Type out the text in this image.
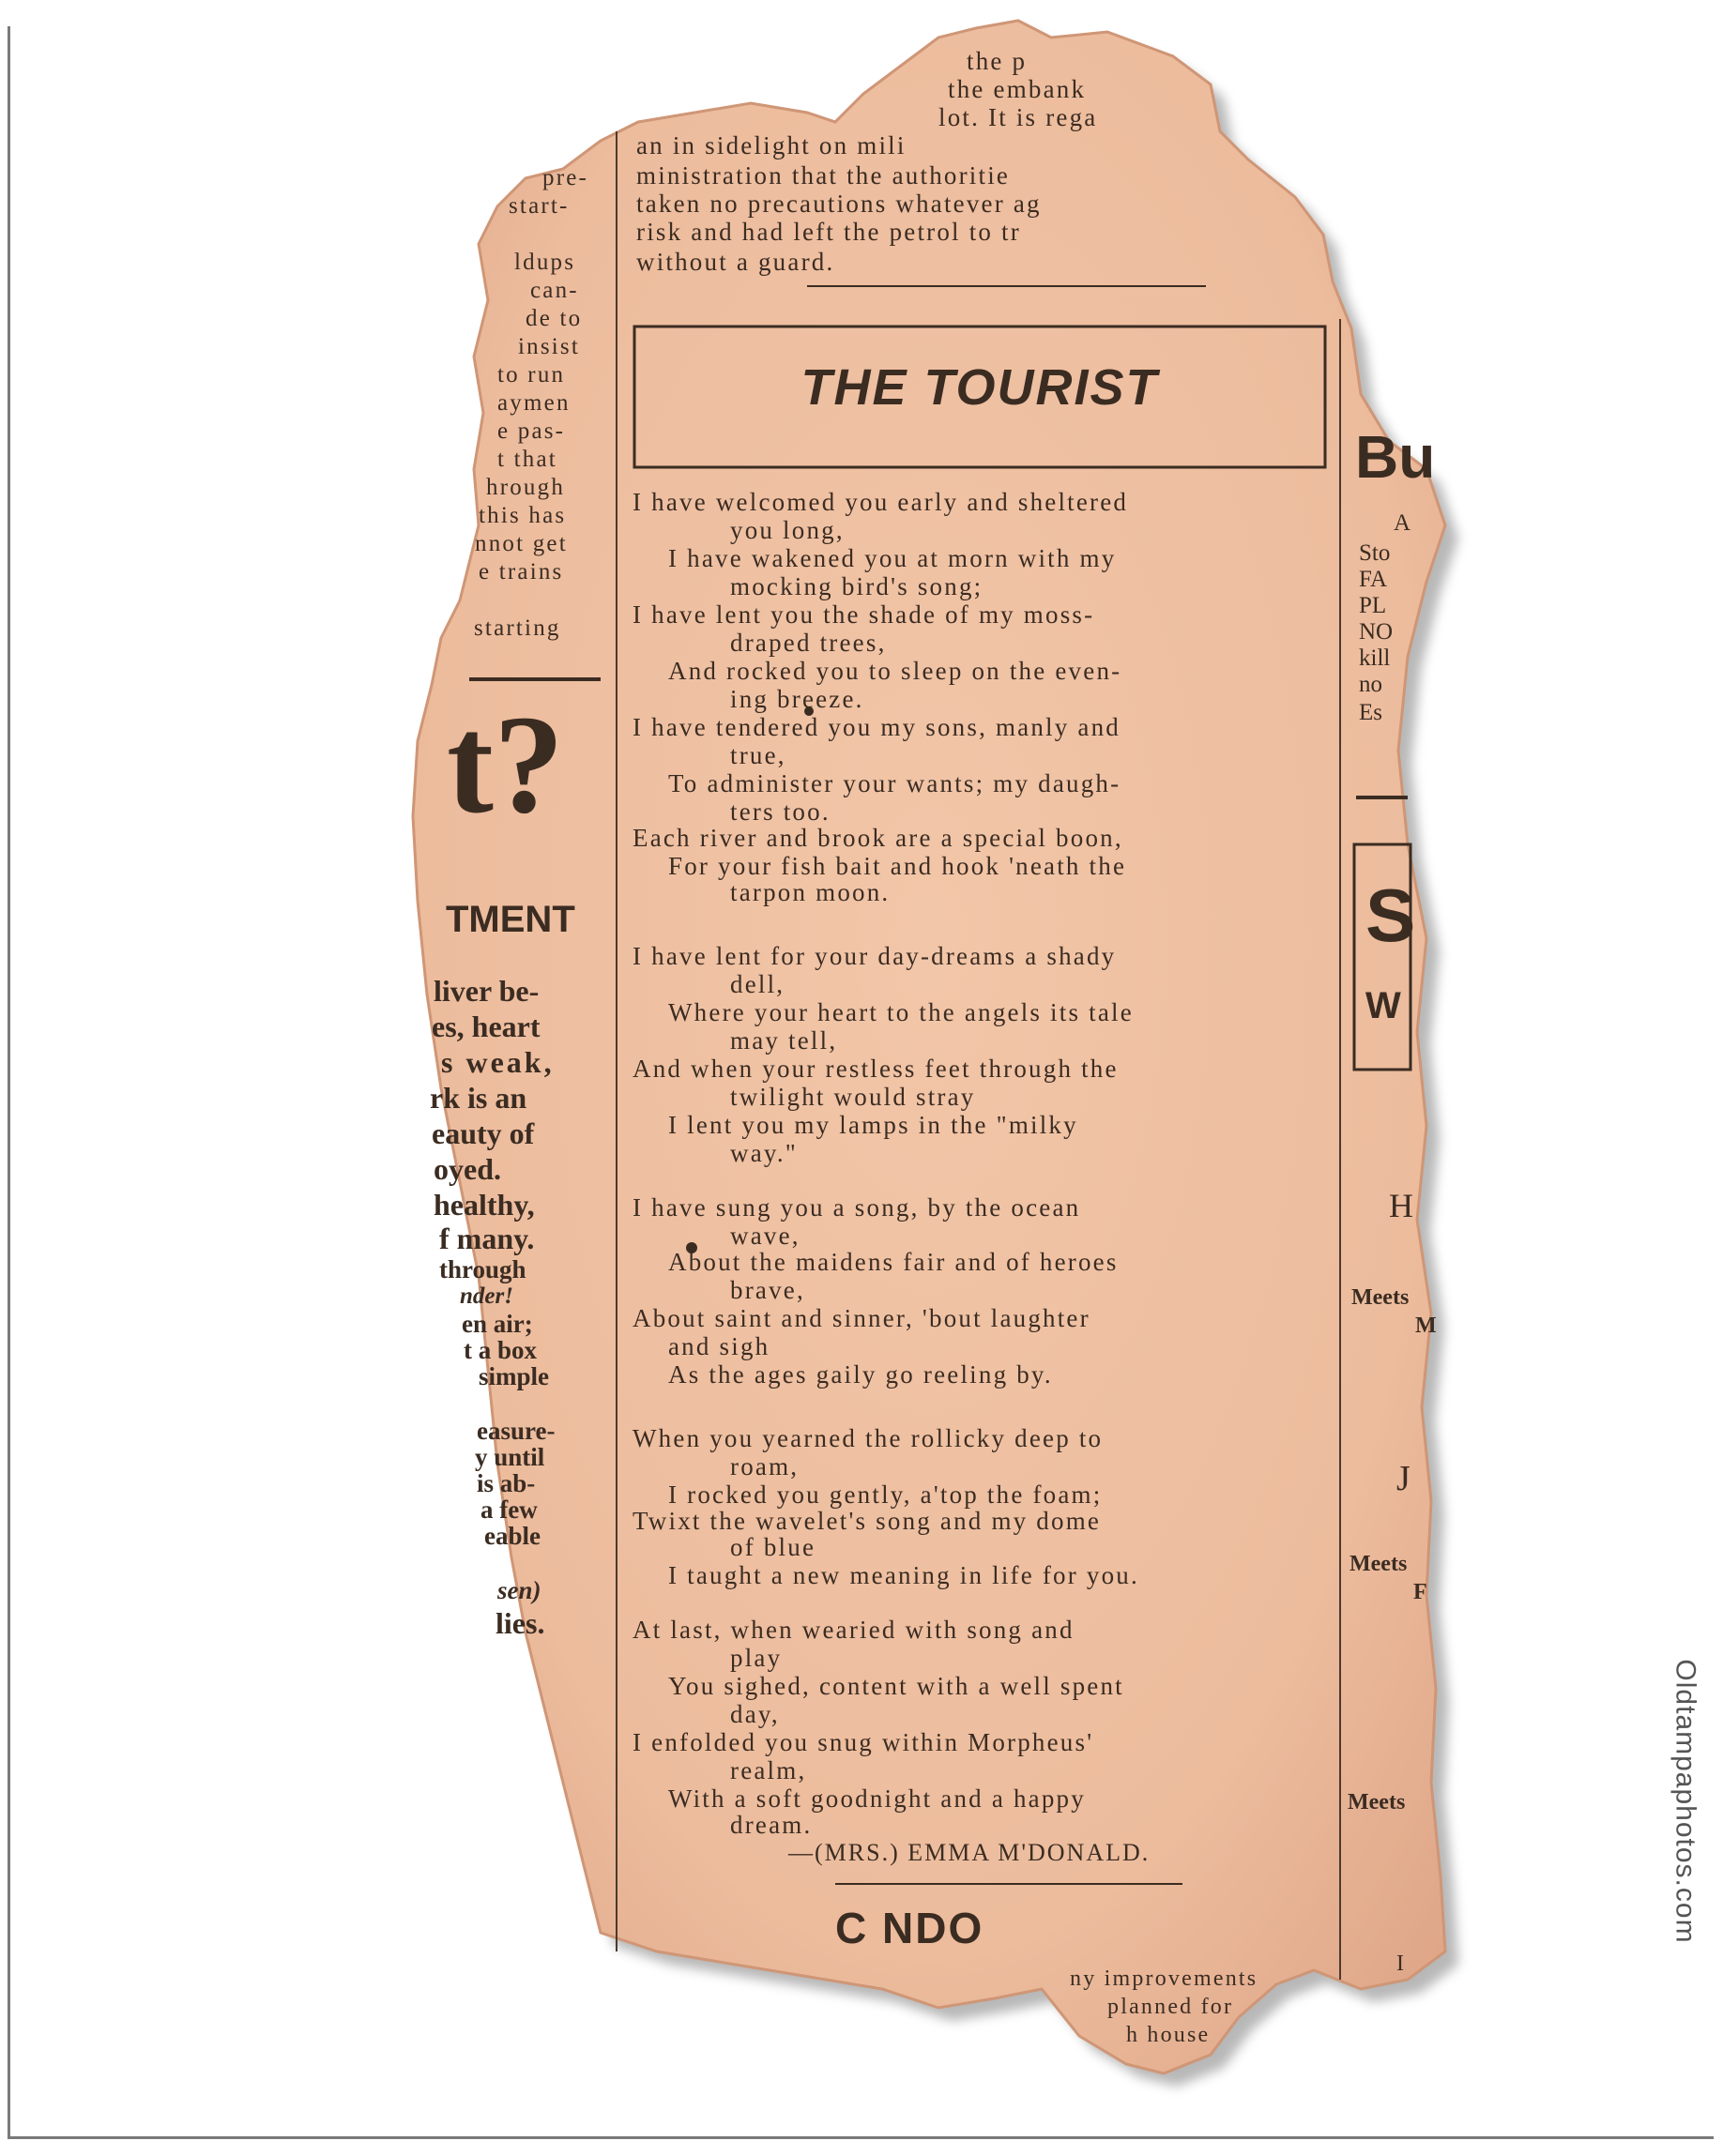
the p
the embank
lot. It is rega
an in sidelight on mili
ministration that the authoritie
taken no precautions whatever ag
risk and had left the petrol to tr
without a guard.
THE TOURIST
I have welcomed you early and sheltered
you long,
I have wakened you at morn with my
mocking bird's song;
I have lent you the shade of my moss-
draped trees,
And rocked you to sleep on the even-
ing breeze.
I have tendered you my sons, manly and
true,
To administer your wants; my daugh-
ters too.
Each river and brook are a special boon,
For your fish bait and hook 'neath the
tarpon moon.
I have lent for your day-dreams a shady
dell,
Where your heart to the angels its tale
may tell,
And when your restless feet through the
twilight would stray
I lent you my lamps in the "milky
way."
I have sung you a song, by the ocean
wave,
About the maidens fair and of heroes
brave,
About saint and sinner, 'bout laughter
and sigh
As the ages gaily go reeling by.
When you yearned the rollicky deep to
roam,
I rocked you gently, a'top the foam;
Twixt the wavelet's song and my dome
of blue
I taught a new meaning in life for you.
At last, when wearied with song and
play
You sighed, content with a well spent
day,
I enfolded you snug within Morpheus'
realm,
With a soft goodnight and a happy
dream.
—(MRS.) EMMA M'DONALD.
C NDO
ny improvements
planned for
h house
pre-
start-
ldups
can-
de to
insist
to run
aymen
e pas-
t that
hrough
this has
nnot get
e trains
starting
t?
TMENT
liver be-
es, heart
s weak,
rk is an
eauty of
oyed.
healthy,
f many.
through
nder!
en air;
t a box
simple
easure-
y until
is ab-
a few
eable
sen)
lies.
Bu
A
Sto
FA
PL
NO
kill
no
Es
S
W
H
Meets
M
J
Meets
F
Meets
I
Oldtampaphotos.com
